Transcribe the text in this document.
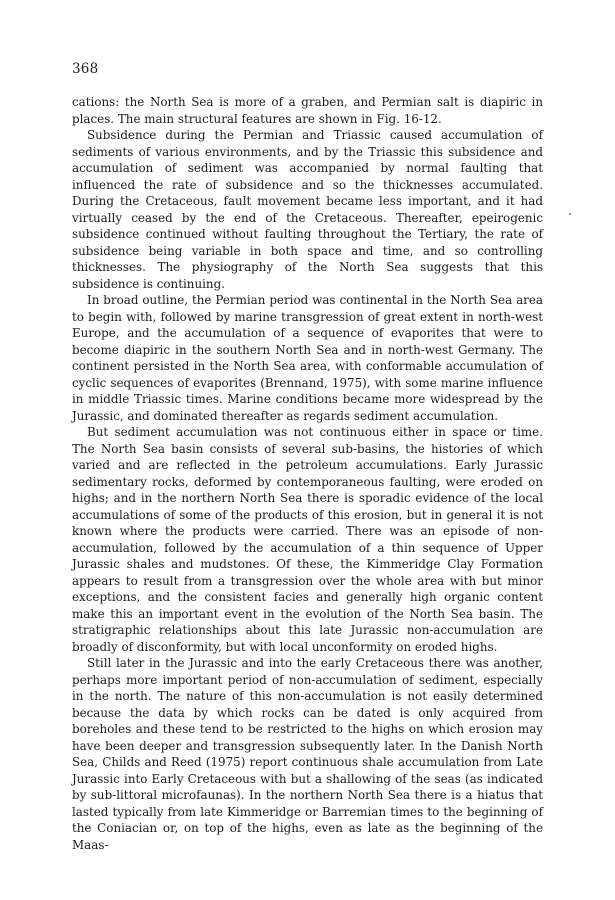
368

cations: the North Sea is more of a graben, and Permian salt is diapiric in places. The main structural features are shown in Fig. 16-12.

Subsidence during the Permian and Triassic caused accumulation of sediments of various environments, and by the Triassic this subsidence and accumulation of sediment was accompanied by normal faulting that influenced the rate of subsidence and so the thicknesses accumulated. During the Cretaceous, fault movement became less important, and it had virtually ceased by the end of the Cretaceous. Thereafter, epeirogenic subsidence continued without faulting throughout the Tertiary, the rate of subsidence being variable in both space and time, and so controlling thicknesses. The physiography of the North Sea suggests that this subsidence is continuing.

In broad outline, the Permian period was continental in the North Sea area to begin with, followed by marine transgression of great extent in north-west Europe, and the accumulation of a sequence of evaporites that were to become diapiric in the southern North Sea and in north-west Germany. The continent persisted in the North Sea area, with conformable accumulation of cyclic sequences of evaporites (Brennand, 1975), with some marine influence in middle Triassic times. Marine conditions became more widespread by the Jurassic, and dominated thereafter as regards sediment accumulation.

But sediment accumulation was not continuous either in space or time. The North Sea basin consists of several sub-basins, the histories of which varied and are reflected in the petroleum accumulations. Early Jurassic sedimentary rocks, deformed by contemporaneous faulting, were eroded on highs; and in the northern North Sea there is sporadic evidence of the local accumulations of some of the products of this erosion, but in general it is not known where the products were carried. There was an episode of non-accumulation, followed by the accumulation of a thin sequence of Upper Jurassic shales and mudstones. Of these, the Kimmeridge Clay Formation appears to result from a transgression over the whole area with but minor exceptions, and the consistent facies and generally high organic content make this an important event in the evolution of the North Sea basin. The stratigraphic relationships about this late Jurassic non-accumulation are broadly of disconformity, but with local unconformity on eroded highs.

Still later in the Jurassic and into the early Cretaceous there was another, perhaps more important period of non-accumulation of sediment, especially in the north. The nature of this non-accumulation is not easily determined because the data by which rocks can be dated is only acquired from boreholes and these tend to be restricted to the highs on which erosion may have been deeper and transgression subsequently later. In the Danish North Sea, Childs and Reed (1975) report continuous shale accumulation from Late Jurassic into Early Cretaceous with but a shallowing of the seas (as indicated by sub-littoral microfaunas). In the northern North Sea there is a hiatus that lasted typically from late Kimmeridge or Barremian times to the beginning of the Coniacian or, on top of the highs, even as late as the beginning of the Maas-
